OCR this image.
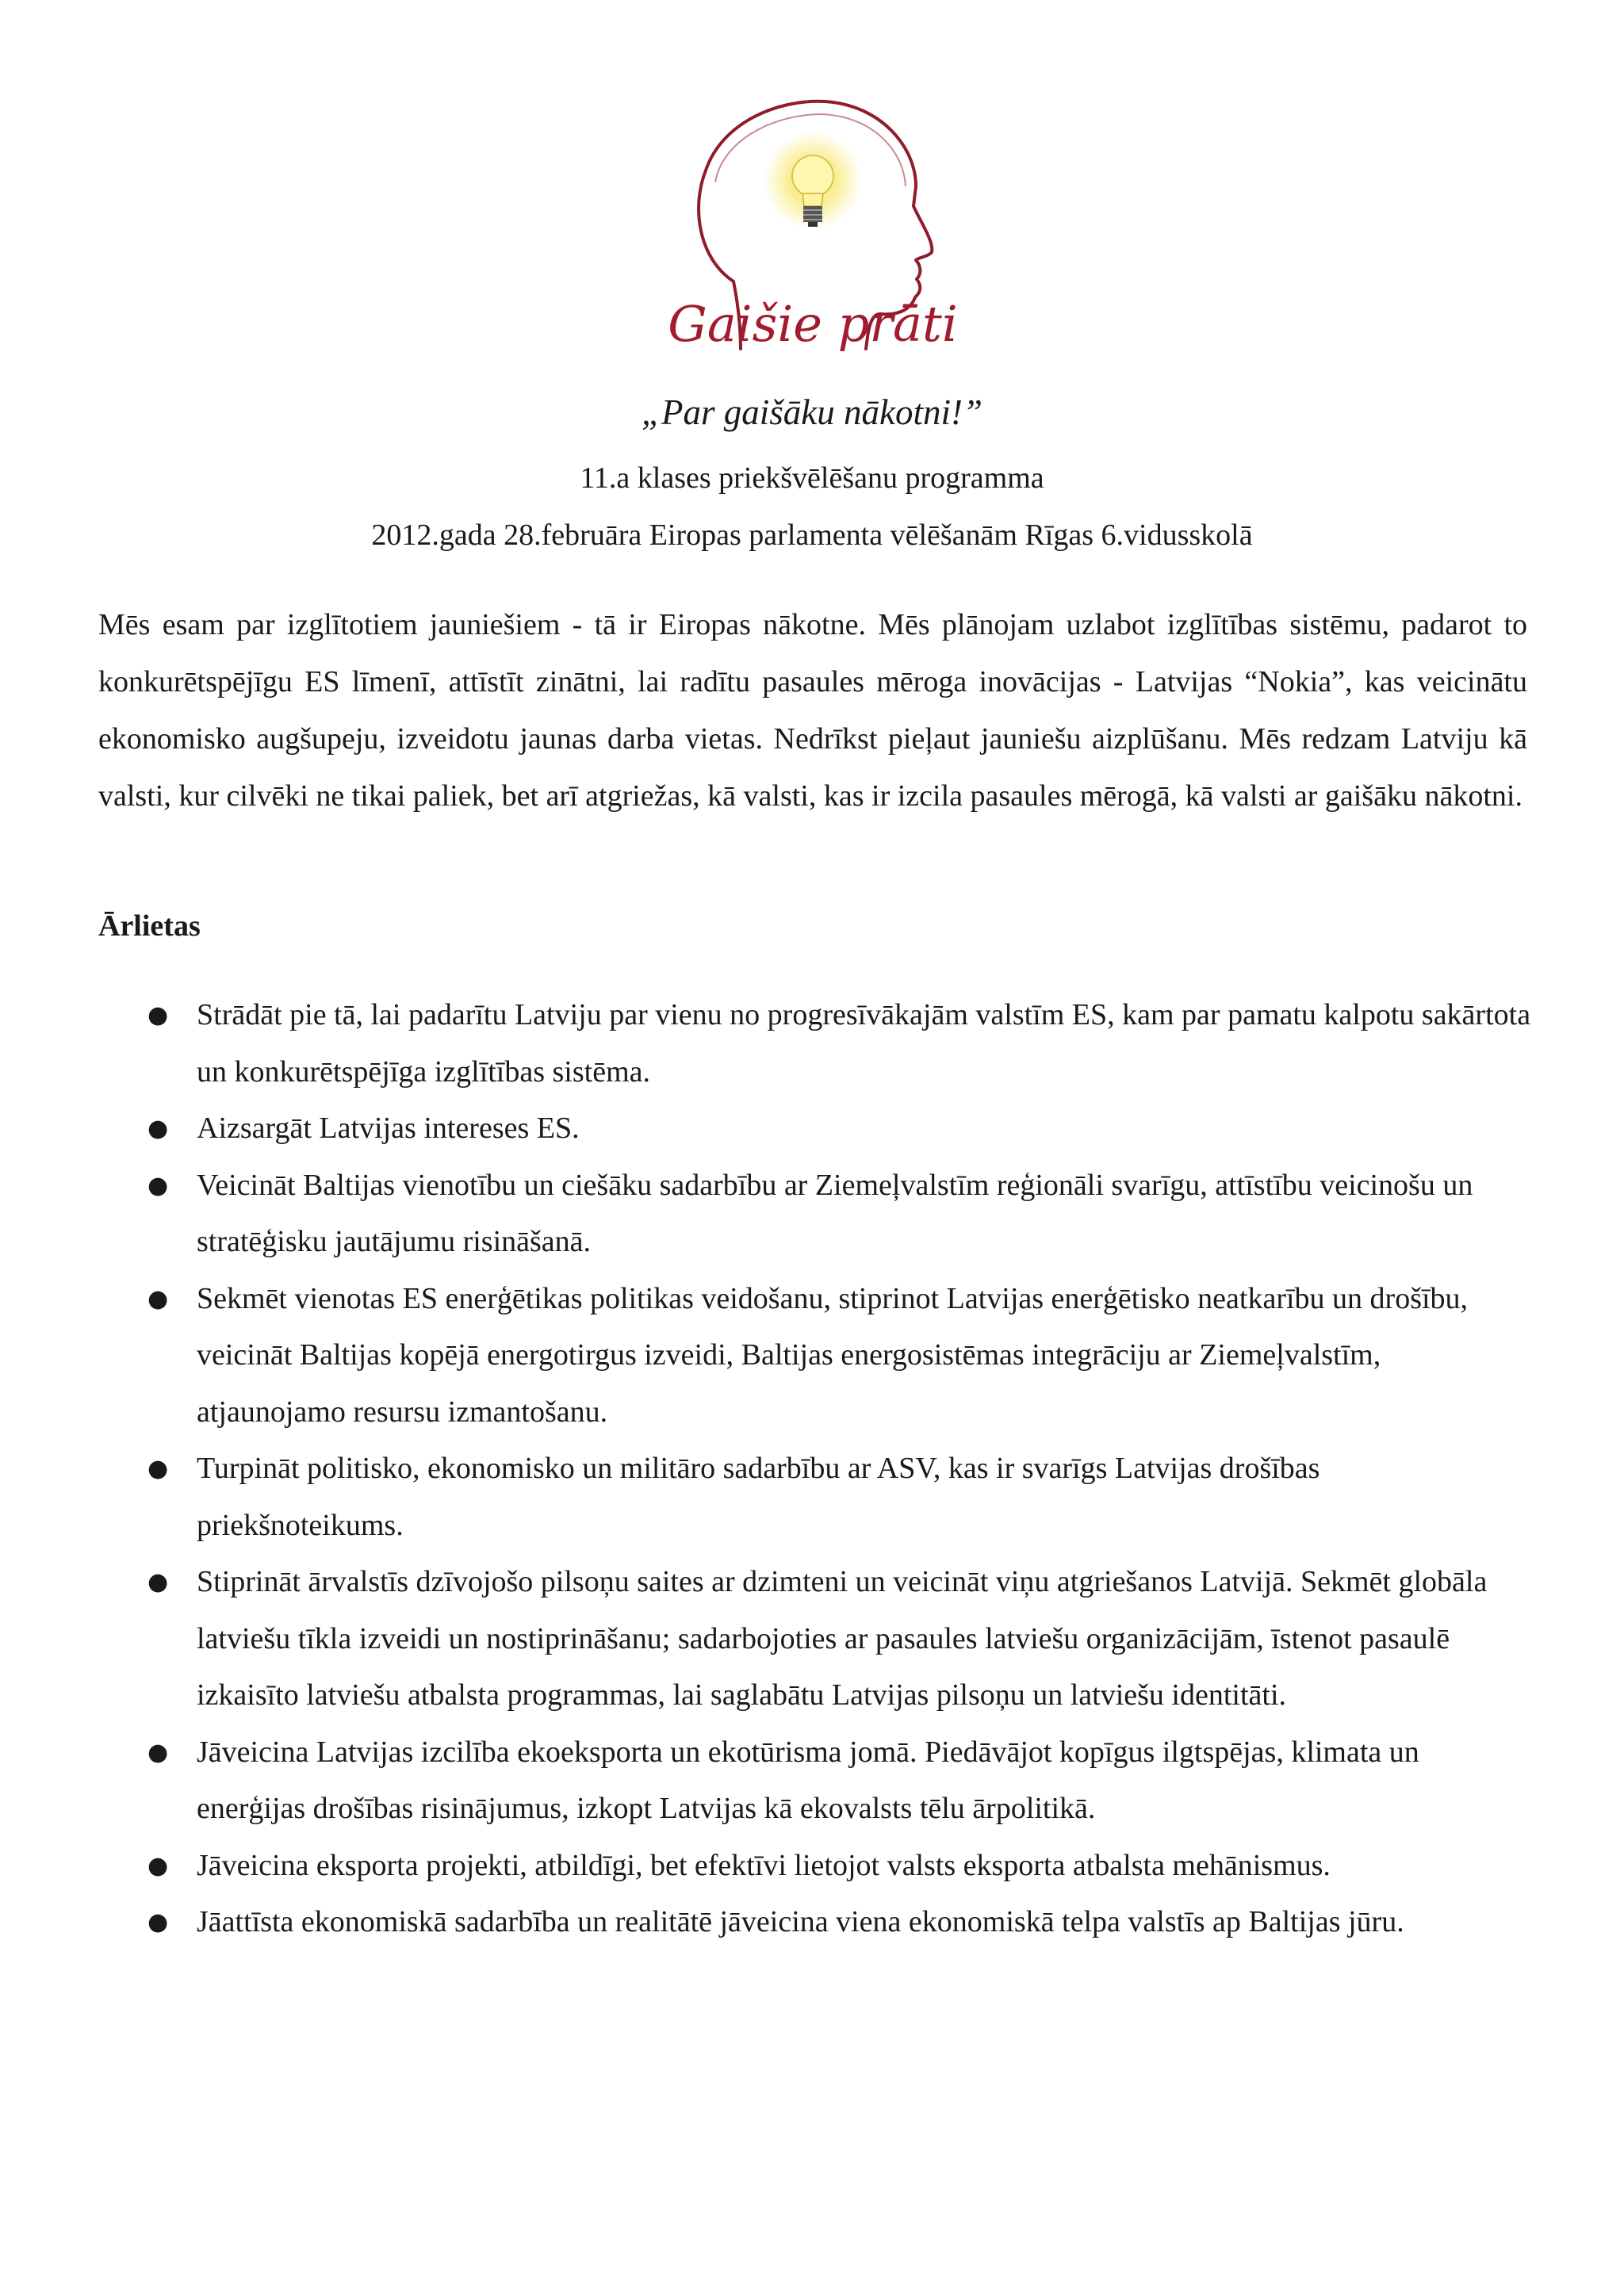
Gaišie prāti
„Par gaišāku nākotni!”
11.a klases priekšvēlēšanu programma
2012.gada 28.februāra Eiropas parlamenta vēlēšanām Rīgas 6.vidusskolā

Mēs esam par izglītotiem jauniešiem - tā ir Eiropas nākotne. Mēs plānojam uzlabot izglītības sistēmu, padarot to konkurētspējīgu ES līmenī, attīstīt zinātni, lai radītu pasaules mēroga inovācijas - Latvijas “Nokia”, kas veicinātu ekonomisko augšupeju, izveidotu jaunas darba vietas. Nedrīkst pieļaut jauniešu aizplūšanu. Mēs redzam Latviju kā valsti, kur cilvēki ne tikai paliek, bet arī atgriežas, kā valsti, kas ir izcila pasaules mērogā, kā valsti ar gaišāku nākotni.

Ārlietas
● Strādāt pie tā, lai padarītu Latviju par vienu no progresīvākajām valstīm ES, kam par pamatu kalpotu sakārtota un konkurētspējīga izglītības sistēma.
● Aizsargāt Latvijas intereses ES.
● Veicināt Baltijas vienotību un ciešāku sadarbību ar Ziemeļvalstīm reģionāli svarīgu, attīstību veicinošu un stratēģisku jautājumu risināšanā.
● Sekmēt vienotas ES enerģētikas politikas veidošanu, stiprinot Latvijas enerģētisko neatkarību un drošību, veicināt Baltijas kopējā energotirgus izveidi, Baltijas energosistēmas integrāciju ar Ziemeļvalstīm, atjaunojamo resursu izmantošanu.
● Turpināt politisko, ekonomisko un militāro sadarbību ar ASV, kas ir svarīgs Latvijas drošības priekšnoteikums.
● Stiprināt ārvalstīs dzīvojošo pilsoņu saites ar dzimteni un veicināt viņu atgriešanos Latvijā. Sekmēt globāla latviešu tīkla izveidi un nostiprināšanu; sadarbojoties ar pasaules latviešu organizācijām, īstenot pasaulē izkaisīto latviešu atbalsta programmas, lai saglabātu Latvijas pilsoņu un latviešu identitāti.
● Jāveicina Latvijas izcilība ekoeksporta un ekotūrisma jomā. Piedāvājot kopīgus ilgtspējas, klimata un enerģijas drošības risinājumus, izkopt Latvijas kā ekovalsts tēlu ārpolitikā.
● Jāveicina eksporta projekti, atbildīgi, bet efektīvi lietojot valsts eksporta atbalsta mehānismus.
● Jāattīsta ekonomiskā sadarbība un realitātē jāveicina viena ekonomiskā telpa valstīs ap Baltijas jūru.
